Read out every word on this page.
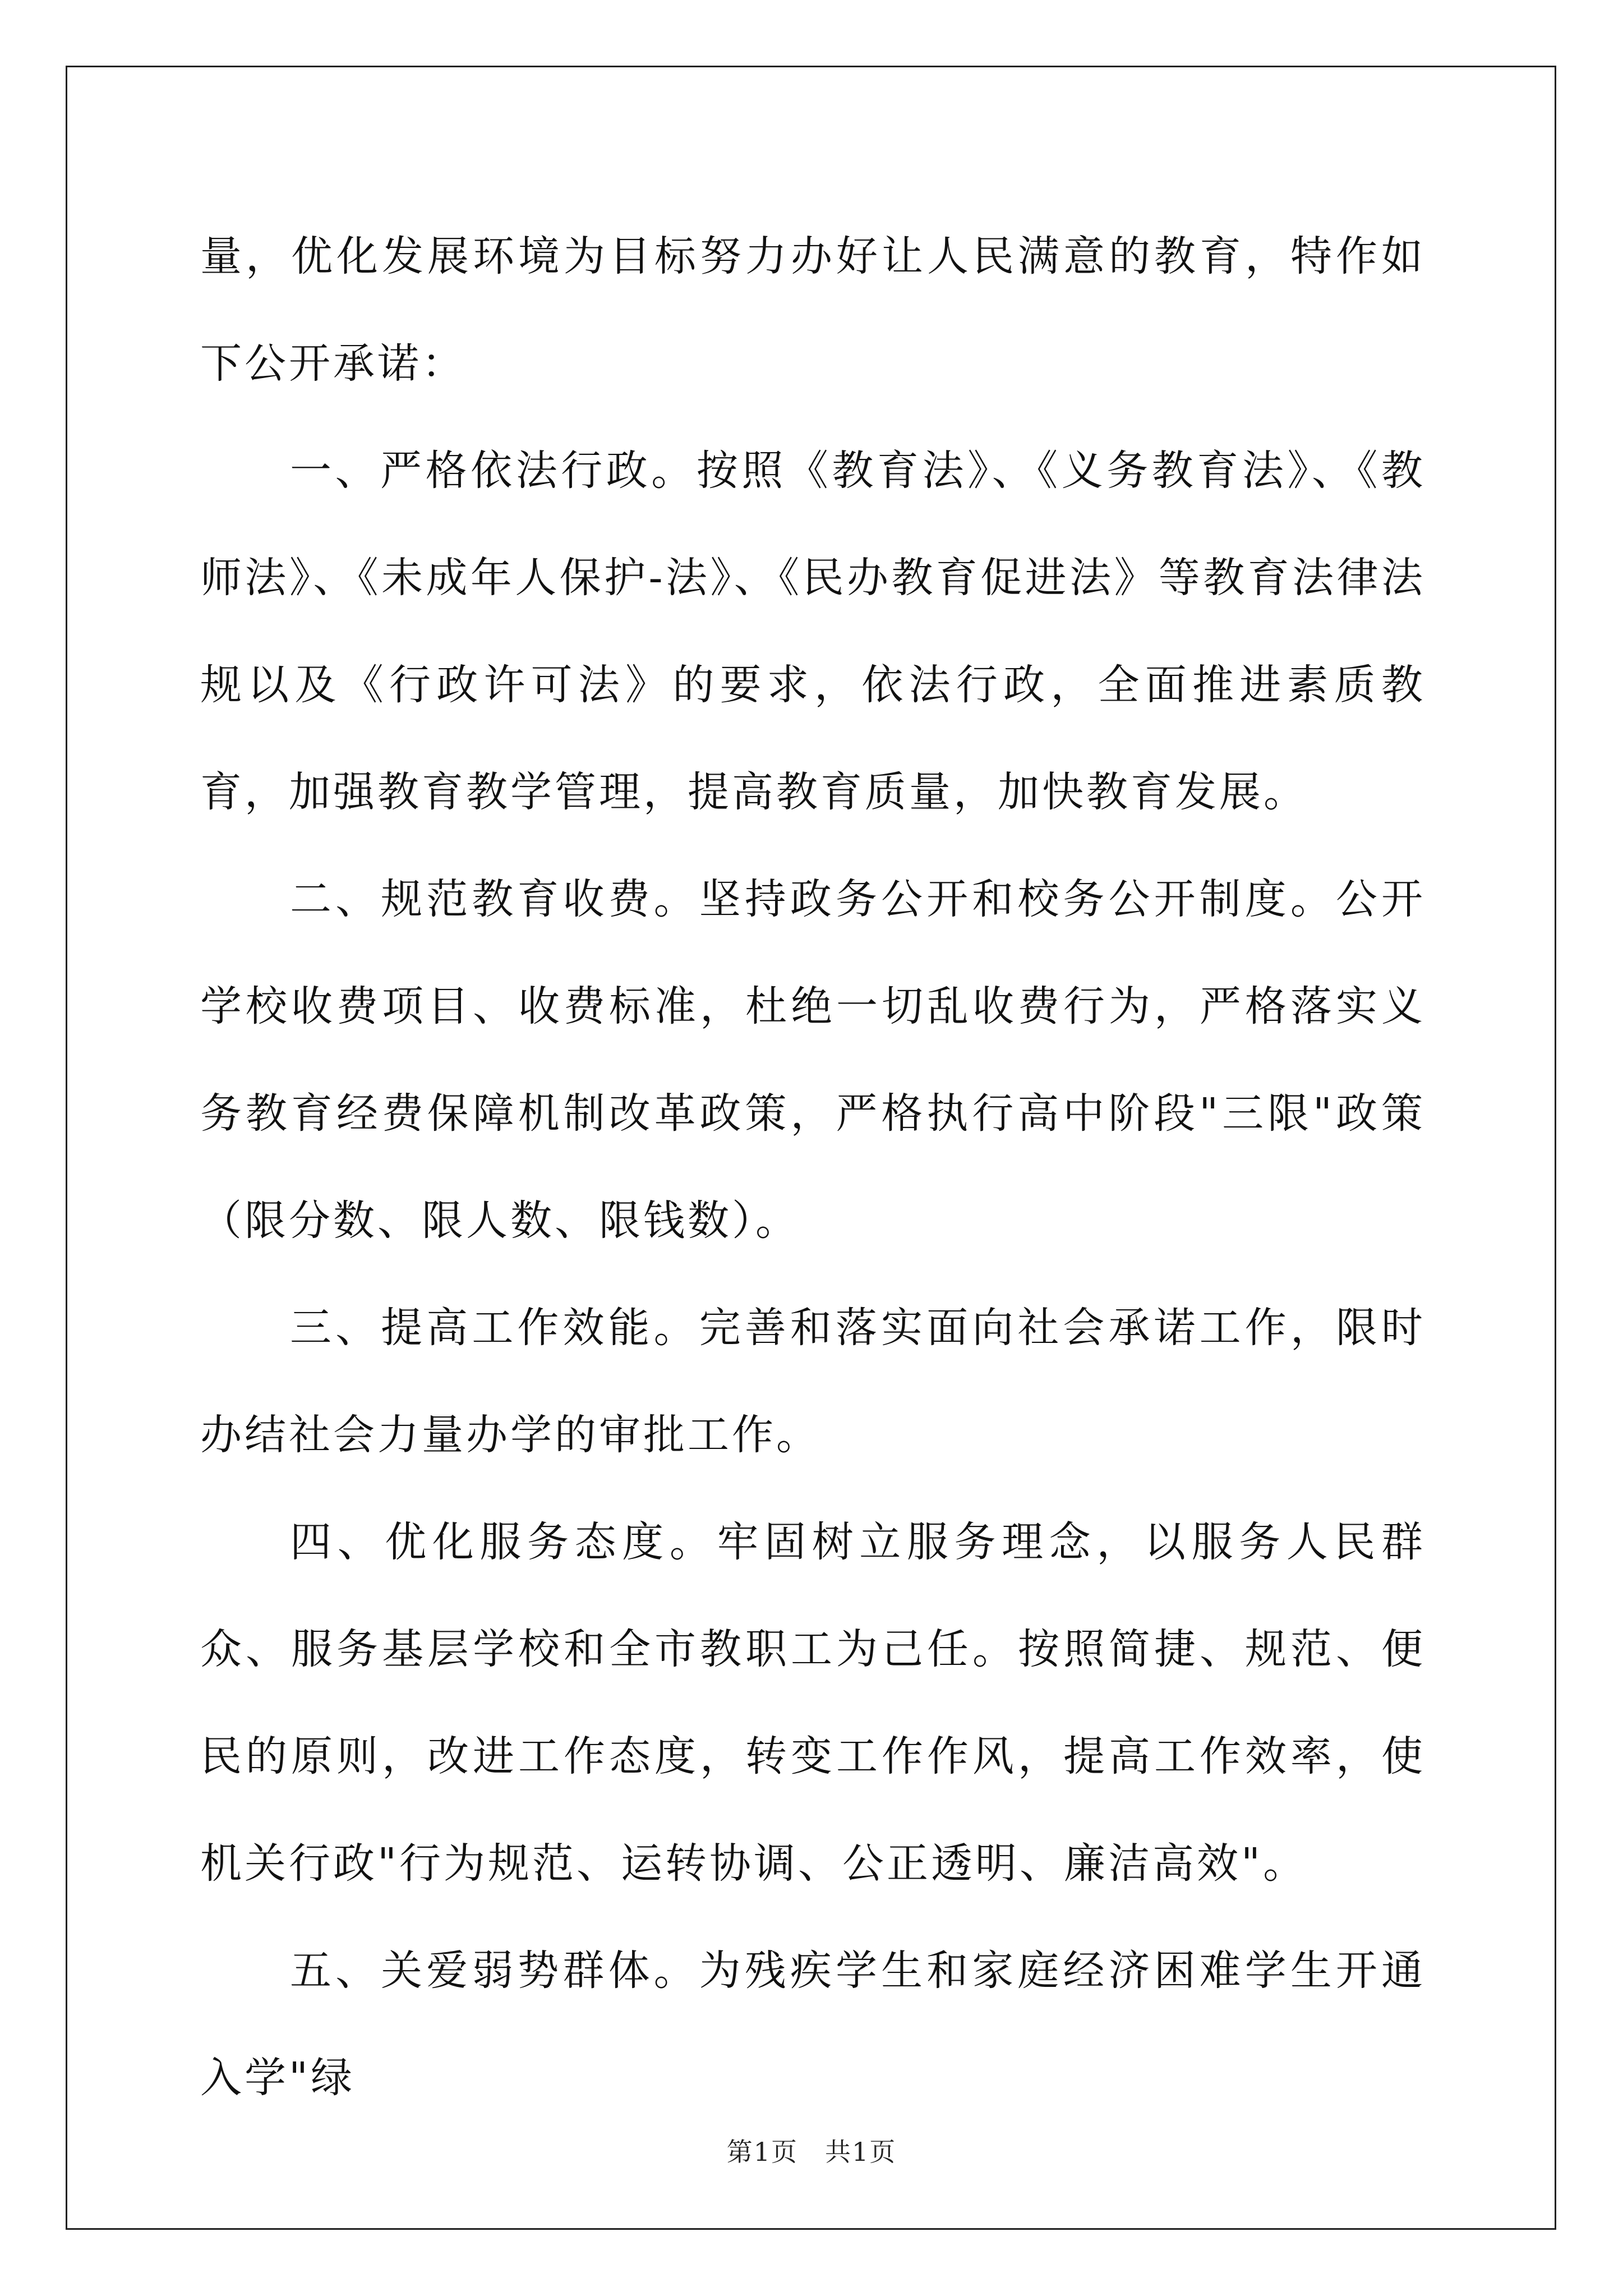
量，优化发展环境为目标努力办好让人民满意的教育，特作如下公开承诺：

一、严格依法行政。按照《教育法》、《义务教育法》、《教师法》、《未成年人保护-法》、《民办教育促进法》等教育法律法规以及《行政许可法》的要求，依法行政，全面推进素质教育，加强教育教学管理，提高教育质量，加快教育发展。

二、规范教育收费。坚持政务公开和校务公开制度。公开学校收费项目、收费标准，杜绝一切乱收费行为，严格落实义务教育经费保障机制改革政策，严格执行高中阶段"三限"政策（限分数、限人数、限钱数）。

三、提高工作效能。完善和落实面向社会承诺工作，限时办结社会力量办学的审批工作。

四、优化服务态度。牢固树立服务理念，以服务人民群众、服务基层学校和全市教职工为己任。按照简捷、规范、便民的原则，改进工作态度，转变工作作风，提高工作效率，使机关行政"行为规范、运转协调、公正透明、廉洁高效"。

五、关爱弱势群体。为残疾学生和家庭经济困难学生开通入学"绿

第1页　共1页
